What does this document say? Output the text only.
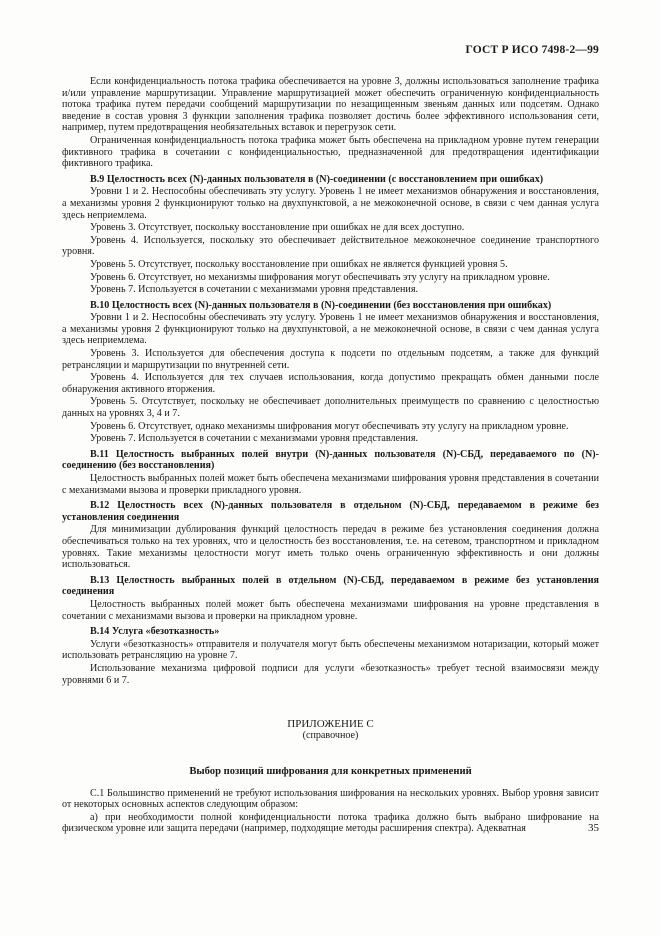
ГОСТ Р ИСО 7498-2—99

Если конфиденциальность потока трафика обеспечивается на уровне 3, должны использоваться заполнение трафика и/или управление маршрутизации. Управление маршрутизацией может обеспечить ограниченную конфиденциальность потока трафика путем передачи сообщений маршрутизации по незащищенным звеньям данных или подсетям. Однако введение в состав уровня 3 функции заполнения трафика позволяет достичь более эффективного использования сети, например, путем предотвращения необязательных вставок и перегрузок сети.

Ограниченная конфиденциальность потока трафика может быть обеспечена на прикладном уровне путем генерации фиктивного трафика в сочетании с конфиденциальностью, предназначенной для предотвращения идентификации фиктивного трафика.

В.9 Целостность всех (N)-данных пользователя в (N)-соединении (с восстановлением при ошибках)

Уровни 1 и 2. Неспособны обеспечивать эту услугу. Уровень 1 не имеет механизмов обнаружения и восстановления, а механизмы уровня 2 функционируют только на двухпунктовой, а не межоконечной основе, в связи с чем данная услуга здесь неприемлема.

Уровень 3. Отсутствует, поскольку восстановление при ошибках не для всех доступно.

Уровень 4. Используется, поскольку это обеспечивает действительное межоконечное соединение транспортного уровня.

Уровень 5. Отсутствует, поскольку восстановление при ошибках не является функцией уровня 5.

Уровень 6. Отсутствует, но механизмы шифрования могут обеспечивать эту услугу на прикладном уровне.

Уровень 7. Используется в сочетании с механизмами уровня представления.

В.10 Целостность всех (N)-данных пользователя в (N)-соединении (без восстановления при ошибках)

Уровни 1 и 2. Неспособны обеспечивать эту услугу. Уровень 1 не имеет механизмов обнаружения и восстановления, а механизмы уровня 2 функционируют только на двухпунктовой, а не межоконечной основе, в связи с чем данная услуга здесь неприемлема.

Уровень 3. Используется для обеспечения доступа к подсети по отдельным подсетям, а также для функций ретрансляции и маршрутизации по внутренней сети.

Уровень 4. Используется для тех случаев использования, когда допустимо прекращать обмен данными после обнаружения активного вторжения.

Уровень 5. Отсутствует, поскольку не обеспечивает дополнительных преимуществ по сравнению с целостностью данных на уровнях 3, 4 и 7.

Уровень 6. Отсутствует, однако механизмы шифрования могут обеспечивать эту услугу на прикладном уровне.

Уровень 7. Используется в сочетании с механизмами уровня представления.

В.11 Целостность выбранных полей внутри (N)-данных пользователя (N)-СБД, передаваемого по (N)-соединению (без восстановления)

Целостность выбранных полей может быть обеспечена механизмами шифрования уровня представления в сочетании с механизмами вызова и проверки прикладного уровня.

В.12 Целостность всех (N)-данных пользователя в отдельном (N)-СБД, передаваемом в режиме без установления соединения

Для минимизации дублирования функций целостность передач в режиме без установления соединения должна обеспечиваться только на тех уровнях, что и целостность без восстановления, т.е. на сетевом, транспортном и прикладном уровнях. Такие механизмы целостности могут иметь только очень ограниченную эффективность и они должны использоваться.

В.13 Целостность выбранных полей в отдельном (N)-СБД, передаваемом в режиме без установления соединения

Целостность выбранных полей может быть обеспечена механизмами шифрования на уровне представления в сочетании с механизмами вызова и проверки на прикладном уровне.

В.14 Услуга «безотказность»

Услуги «безотказность» отправителя и получателя могут быть обеспечены механизмом нотаризации, который может использовать ретрансляцию на уровне 7.

Использование механизма цифровой подписи для услуги «безотказность» требует тесной взаимосвязи между уровнями 6 и 7.

ПРИЛОЖЕНИЕ С
(справочное)
Выбор позиций шифрования для конкретных применений

С.1 Большинство применений не требуют использования шифрования на нескольких уровнях. Выбор уровня зависит от некоторых основных аспектов следующим образом:

а) при необходимости полной конфиденциальности потока трафика должно быть выбрано шифрование на физическом уровне или защита передачи (например, подходящие методы расширения спектра). Адекватная	35
